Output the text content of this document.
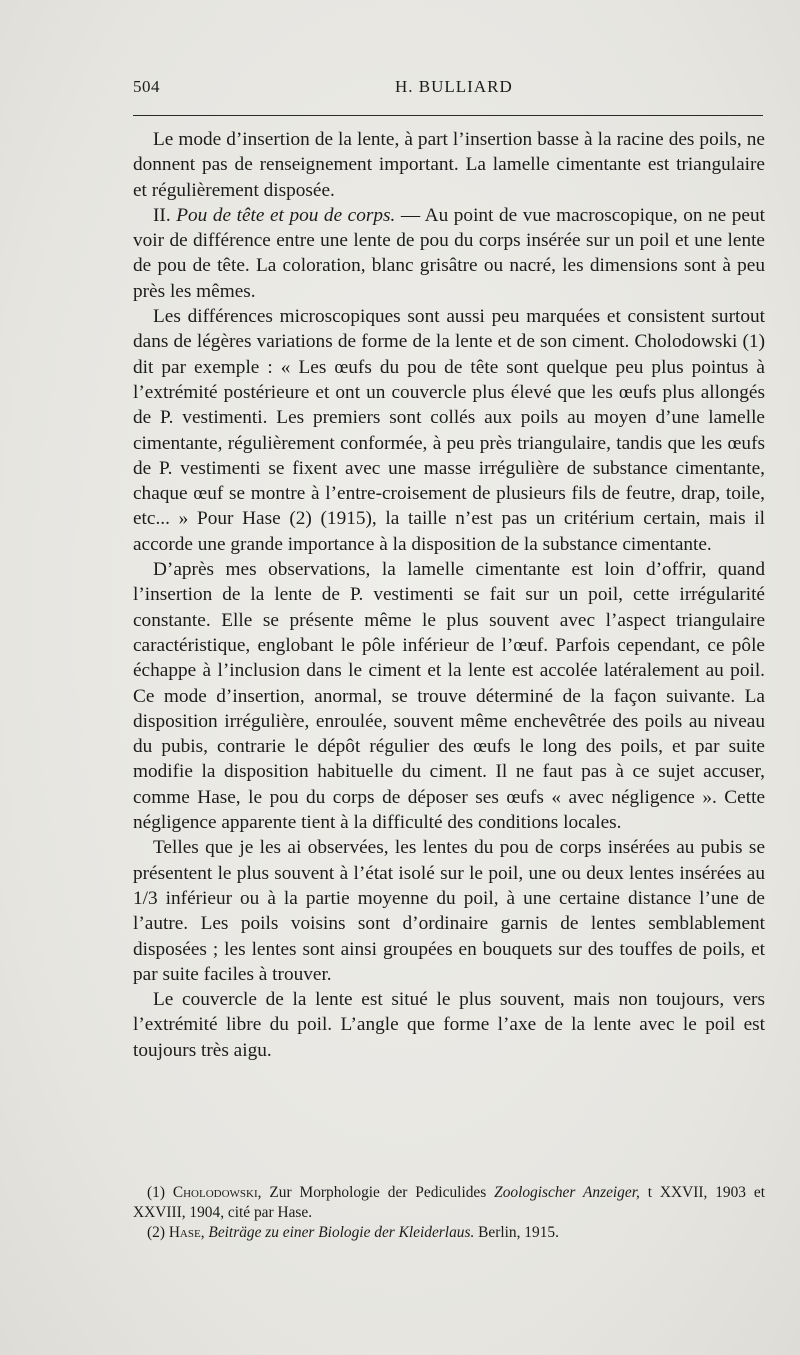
504	H. BULLIARD

Le mode d’insertion de la lente, à part l’insertion basse à la racine des poils, ne donnent pas de renseignement important. La lamelle cimentante est triangulaire et régulièrement disposée.

II. Pou de tête et pou de corps. — Au point de vue macroscopique, on ne peut voir de différence entre une lente de pou du corps insérée sur un poil et une lente de pou de tête. La coloration, blanc grisâtre ou nacré, les dimensions sont à peu près les mêmes.

Les différences microscopiques sont aussi peu marquées et consistent surtout dans de légères variations de forme de la lente et de son ciment. Cholodowski (1) dit par exemple : « Les œufs du pou de tête sont quelque peu plus pointus à l’extrémité postérieure et ont un couvercle plus élevé que les œufs plus allongés de P. vestimenti. Les premiers sont collés aux poils au moyen d’une lamelle cimentante, régulièrement conformée, à peu près triangulaire, tandis que les œufs de P. vestimenti se fixent avec une masse irrégulière de substance cimentante, chaque œuf se montre à l’entre-croisement de plusieurs fils de feutre, drap, toile, etc... » Pour Hase (2) (1915), la taille n’est pas un critérium certain, mais il accorde une grande importance à la disposition de la substance cimentante.

D’après mes observations, la lamelle cimentante est loin d’offrir, quand l’insertion de la lente de P. vestimenti se fait sur un poil, cette irrégularité constante. Elle se présente même le plus souvent avec l’aspect triangulaire caractéristique, englobant le pôle inférieur de l’œuf. Parfois cependant, ce pôle échappe à l’inclusion dans le ciment et la lente est accolée latéralement au poil. Ce mode d’insertion, anormal, se trouve déterminé de la façon suivante. La disposition irrégulière, enroulée, souvent même enchevêtrée des poils au niveau du pubis, contrarie le dépôt régulier des œufs le long des poils, et par suite modifie la disposition habituelle du ciment. Il ne faut pas à ce sujet accuser, comme Hase, le pou du corps de déposer ses œufs « avec négligence ». Cette négligence apparente tient à la difficulté des conditions locales.

Telles que je les ai observées, les lentes du pou de corps insérées au pubis se présentent le plus souvent à l’état isolé sur le poil, une ou deux lentes insérées au 1/3 inférieur ou à la partie moyenne du poil, à une certaine distance l’une de l’autre. Les poils voisins sont d’ordinaire garnis de lentes semblablement disposées ; les lentes sont ainsi groupées en bouquets sur des touffes de poils, et par suite faciles à trouver.

Le couvercle de la lente est situé le plus souvent, mais non toujours, vers l’extrémité libre du poil. L’angle que forme l’axe de la lente avec le poil est toujours très aigu.

(1) Cholodowski, Zur Morphologie der Pediculides Zoologischer Anzeiger, t XXVII, 1903 et XXVIII, 1904, cité par Hase.

(2) Hase, Beiträge zu einer Biologie der Kleiderlaus. Berlin, 1915.
